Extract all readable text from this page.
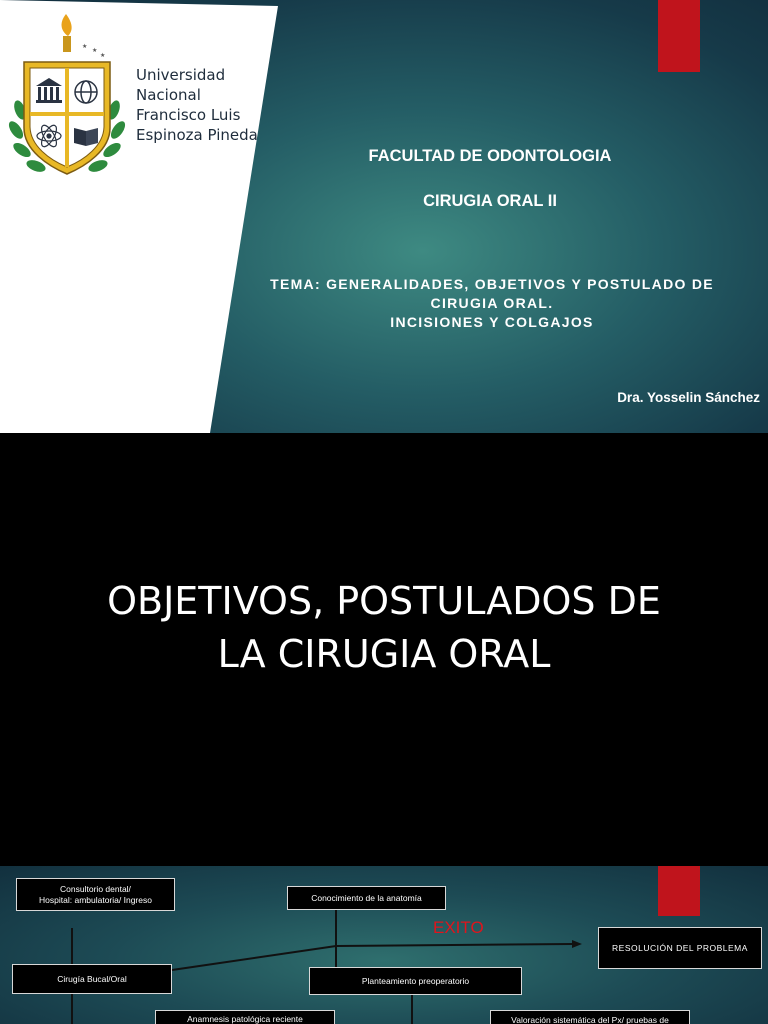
★
★
★
Universidad
Nacional
Francisco Luis
Espinoza Pineda
FACULTAD DE ODONTOLOGIA
CIRUGIA ORAL II
TEMA: GENERALIDADES, OBJETIVOS Y POSTULADO DE
CIRUGIA ORAL.
INCISIONES Y COLGAJOS
Dra. Yosselin Sánchez
OBJETIVOS, POSTULADOS DE
LA CIRUGIA ORAL
Consultorio dental/
Hospital: ambulatoria/ Ingreso	Conocimiento de la anatomía
EXITO
RESOLUCIÓN DEL PROBLEMA
Cirugía Bucal/Oral	Planteamiento preoperatorio
Anamnesis patológica reciente	Valoración sistemática del Px/ pruebas de
